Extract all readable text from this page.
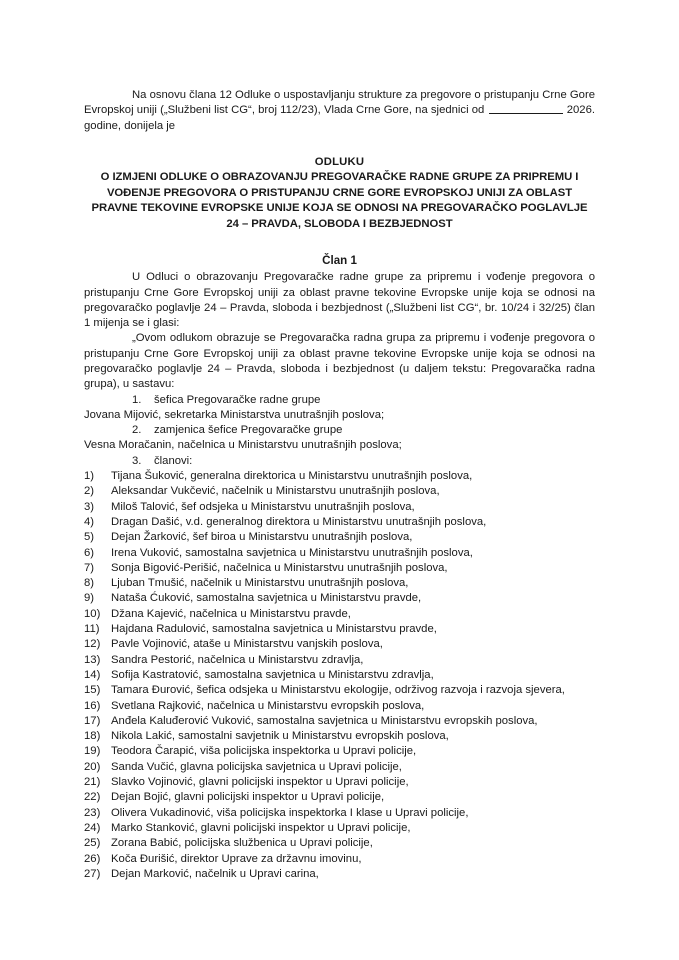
Na osnovu člana 12 Odluke o uspostavljanju strukture za pregovore o pristupanju Crne Gore Evropskoj uniji („Službeni list CG“, broj 112/23), Vlada Crne Gore, na sjednici od	2026. godine, donijela je

ODLUKU
O IZMJENI ODLUKE O OBRAZOVANJU PREGOVARAČKE RADNE GRUPE ZA PRIPREMU I VOĐENJE PREGOVORA O PRISTUPANJU CRNE GORE EVROPSKOJ UNIJI ZA OBLAST PRAVNE TEKOVINE EVROPSKE UNIJE KOJA SE ODNOSI NA PREGOVARAČKO POGLAVLJE 24 – PRAVDA, SLOBODA I BEZBJEDNOST
Član 1

U Odluci o obrazovanju Pregovaračke radne grupe za pripremu i vođenje pregovora o pristupanju Crne Gore Evropskoj uniji za oblast pravne tekovine Evropske unije koja se odnosi na pregovaračko poglavlje 24 – Pravda, sloboda i bezbjednost („Službeni list CG“, br. 10/24 i 32/25) član 1 mijenja se i glasi:

„Ovom odlukom obrazuje se Pregovaračka radna grupa za pripremu i vođenje pregovora o pristupanju Crne Gore Evropskoj uniji za oblast pravne tekovine Evropske unije koja se odnosi na pregovaračko poglavlje 24 – Pravda, sloboda i bezbjednost (u daljem tekstu: Pregovaračka radna grupa), u sastavu:

1. šefica Pregovaračke radne grupe

Jovana Mijović, sekretarka Ministarstva unutrašnjih poslova;

2. zamjenica šefice Pregovaračke grupe

Vesna Moračanin, načelnica u Ministarstvu unutrašnjih poslova;

3. članovi:
1) Tijana Šuković, generalna direktorica u Ministarstvu unutrašnjih poslova,
2) Aleksandar Vukčević, načelnik u Ministarstvu unutrašnjih poslova,
3) Miloš Talović, šef odsjeka u Ministarstvu unutrašnjih poslova,
4) Dragan Dašić, v.d. generalnog direktora u Ministarstvu unutrašnjih poslova,
5) Dejan Žarković, šef biroa u Ministarstvu unutrašnjih poslova,
6) Irena Vuković, samostalna savjetnica u Ministarstvu unutrašnjih poslova,
7) Sonja Bigović-Perišić, načelnica u Ministarstvu unutrašnjih poslova,
8) Ljuban Tmušić, načelnik u Ministarstvu unutrašnjih poslova,
9) Nataša Ćuković, samostalna savjetnica u Ministarstvu pravde,
10) Džana Kajević, načelnica u Ministarstvu pravde,
11) Hajdana Radulović, samostalna savjetnica u Ministarstvu pravde,
12) Pavle Vojinović, ataše u Ministarstvu vanjskih poslova,
13) Sandra Pestorić, načelnica u Ministarstvu zdravlja,
14) Sofija Kastratović, samostalna savjetnica u Ministarstvu zdravlja,
15) Tamara Đurović, šefica odsjeka u Ministarstvu ekologije, održivog razvoja i razvoja sjevera,
16) Svetlana Rajković, načelnica u Ministarstvu evropskih poslova,
17) Anđela Kaluđerović Vuković, samostalna savjetnica u Ministarstvu evropskih poslova,
18) Nikola Lakić, samostalni savjetnik u Ministarstvu evropskih poslova,
19) Teodora Čarapić, viša policijska inspektorka u Upravi policije,
20) Sanda Vučić, glavna policijska savjetnica u Upravi policije,
21) Slavko Vojinović, glavni policijski inspektor u Upravi policije,
22) Dejan Bojić, glavni policijski inspektor u Upravi policije,
23) Olivera Vukadinović, viša policijska inspektorka I klase u Upravi policije,
24) Marko Stanković, glavni policijski inspektor u Upravi policije,
25) Zorana Babić, policijska službenica u Upravi policije,
26) Koča Đurišić, direktor Uprave za državnu imovinu,
27) Dejan Marković, načelnik u Upravi carina,
